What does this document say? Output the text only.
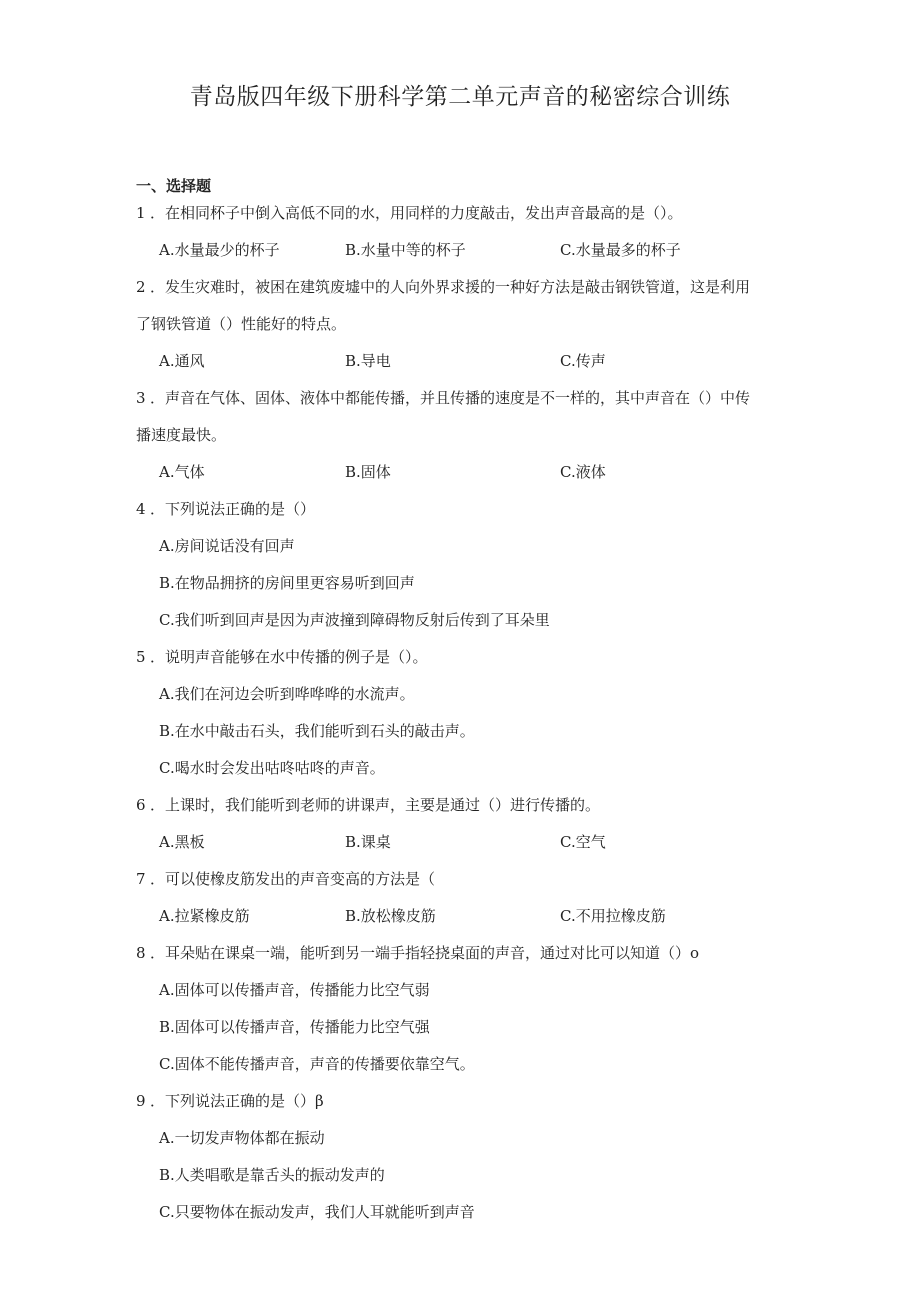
青岛版四年级下册科学第二单元声音的秘密综合训练
一、选择题
1 ．在相同杯子中倒入高低不同的水，用同样的力度敲击，发出声音最高的是（）。
A.水量最少的杯子	B.水量中等的杯子	C.水量最多的杯子
2 ．发生灾难时，被困在建筑废墟中的人向外界求援的一种好方法是敲击钢铁管道，这是利用
了钢铁管道（）性能好的特点。
A.通风	B.导电	C.传声
3 ．声音在气体、固体、液体中都能传播，并且传播的速度是不一样的，其中声音在（）中传
播速度最快。
A.气体	B.固体	C.液体
4 ．下列说法正确的是（）
A.房间说话没有回声
B.在物品拥挤的房间里更容易听到回声
C.我们听到回声是因为声波撞到障碍物反射后传到了耳朵里
5 ．说明声音能够在水中传播的例子是（）。
A.我们在河边会听到哗哗哗的水流声。
B.在水中敲击石头，我们能听到石头的敲击声。
C.喝水时会发出咕咚咕咚的声音。
6 ．上课时，我们能听到老师的讲课声，主要是通过（）进行传播的。
A.黑板	B.课桌	C.空气
7 ．可以使橡皮筋发出的声音变高的方法是（
A.拉紧橡皮筋	B.放松橡皮筋	C.不用拉橡皮筋
8 ．耳朵贴在课桌一端，能听到另一端手指轻挠桌面的声音，通过对比可以知道（）o
A.固体可以传播声音，传播能力比空气弱
B.固体可以传播声音，传播能力比空气强
C.固体不能传播声音，声音的传播要依靠空气。
9 ．下列说法正确的是（）β
A.一切发声物体都在振动
B.人类唱歌是靠舌头的振动发声的
C.只要物体在振动发声，我们人耳就能听到声音
